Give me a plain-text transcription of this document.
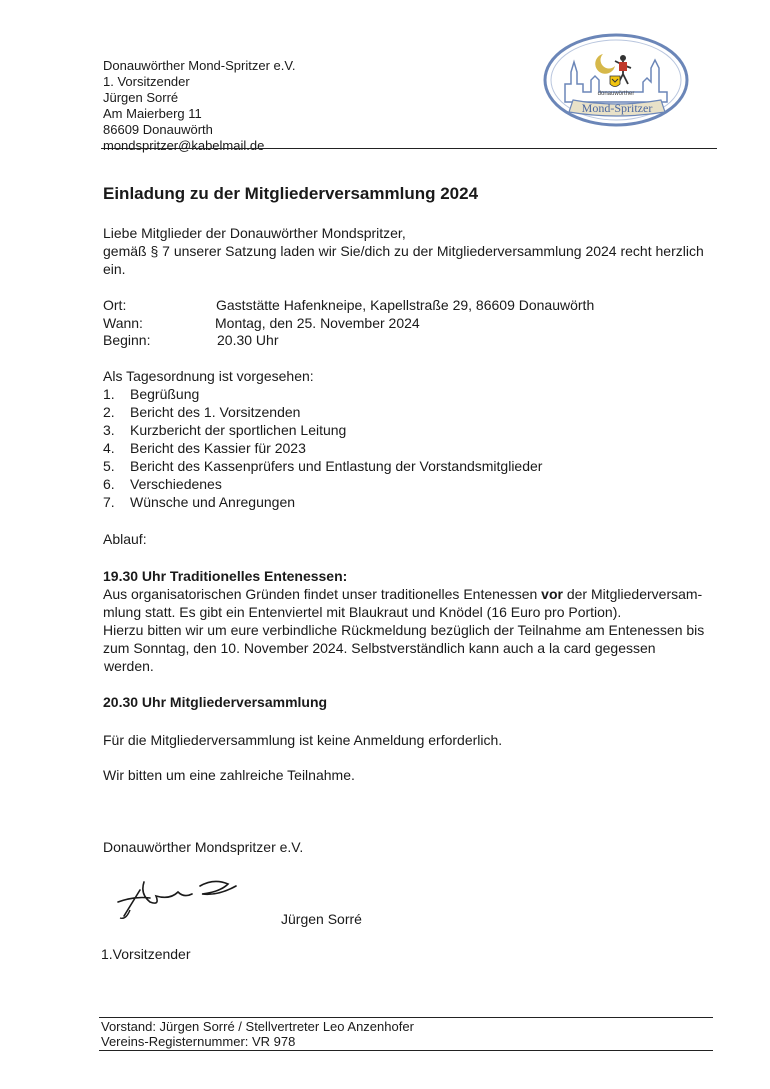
Donauwörther Mond-Spritzer e.V.
1. Vorsitzender
Jürgen Sorré
Am Maierberg 11
86609 Donauwörth
mondspritzer@kabelmail.de
donauwörther
Mond-Spritzer
Einladung zu der Mitgliederversammlung 2024
Liebe Mitglieder der Donauwörther Mondspritzer,
gemäß § 7 unserer Satzung laden wir Sie/dich zu der Mitgliederversammlung 2024 recht herzlich
ein.
Ort:	Gaststätte Hafenkneipe, Kapellstraße 29, 86609 Donauwörth
Wann:	Montag, den 25. November 2024
Beginn:	20.30 Uhr
Als Tagesordnung ist vorgesehen:
1. Begrüßung
2. Bericht des 1. Vorsitzenden
3. Kurzbericht der sportlichen Leitung
4. Bericht des Kassier für 2023
5. Bericht des Kassenprüfers und Entlastung der Vorstandsmitglieder
6. Verschiedenes
7. Wünsche und Anregungen
Ablauf:
19.30 Uhr Traditionelles Entenessen:
Aus organisatorischen Gründen findet unser traditionelles Entenessen vor der Mitgliederversam-
mlung statt. Es gibt ein Entenviertel mit Blaukraut und Knödel (16 Euro pro Portion).
Hierzu bitten wir um eure verbindliche Rückmeldung bezüglich der Teilnahme am Entenessen bis
zum Sonntag, den 10. November 2024. Selbstverständlich kann auch a la card gegessen
werden.
20.30 Uhr Mitgliederversammlung
Für die Mitgliederversammlung ist keine Anmeldung erforderlich.
Wir bitten um eine zahlreiche Teilnahme.
Donauwörther Mondspritzer e.V.
Jürgen Sorré
1.Vorsitzender
Vorstand: Jürgen Sorré / Stellvertreter Leo Anzenhofer
Vereins-Registernummer: VR 978
